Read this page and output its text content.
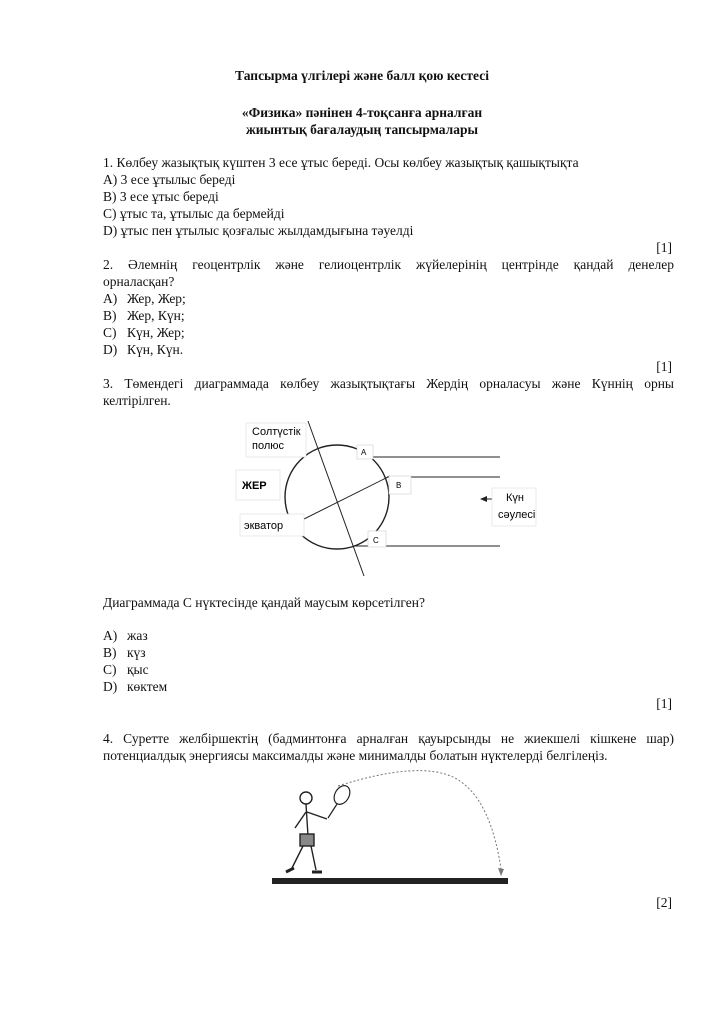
Тапсырма үлгілері және балл қою кестесі
«Физика» пәнінен 4-тоқсанға арналған
жиынтық бағалаудың тапсырмалары
1. Көлбеу жазықтық күштен 3 есе ұтыс береді. Осы көлбеу жазықтық қашықтықта
A) 3 есе ұтылыс береді
B) 3 есе ұтыс береді
C) ұтыс та, ұтылыс да бермейді
D) ұтыс пен ұтылыс қозғалыс жылдамдығына тәуелді
[1]
2. Әлемнің геоцентрлік және гелиоцентрлік жүйелерінің центрінде қандай денелер
орналасқан?
A) Жер, Жер;
B) Жер, Күн;
C) Күн, Жер;
D) Күн, Күн.
[1]
3. Төмендегі диаграммада көлбеу жазықтықтағы Жердің орналасуы және Күннің орны
келтірілген.
Солтүстік
полюс
ЖЕР
экватор
Күн
сәулесі
A
B
C
Диаграммада С нүктесінде қандай маусым көрсетілген?
A) жаз
B) күз
C) қыс
D) көктем
[1]
4. Суретте желбіршектің (бадминтонға арналған қауырсынды не жиекшелі кішкене шар)
потенциалдық энергиясы максималды және минималды болатын нүктелерді белгілеңіз.
[2]
